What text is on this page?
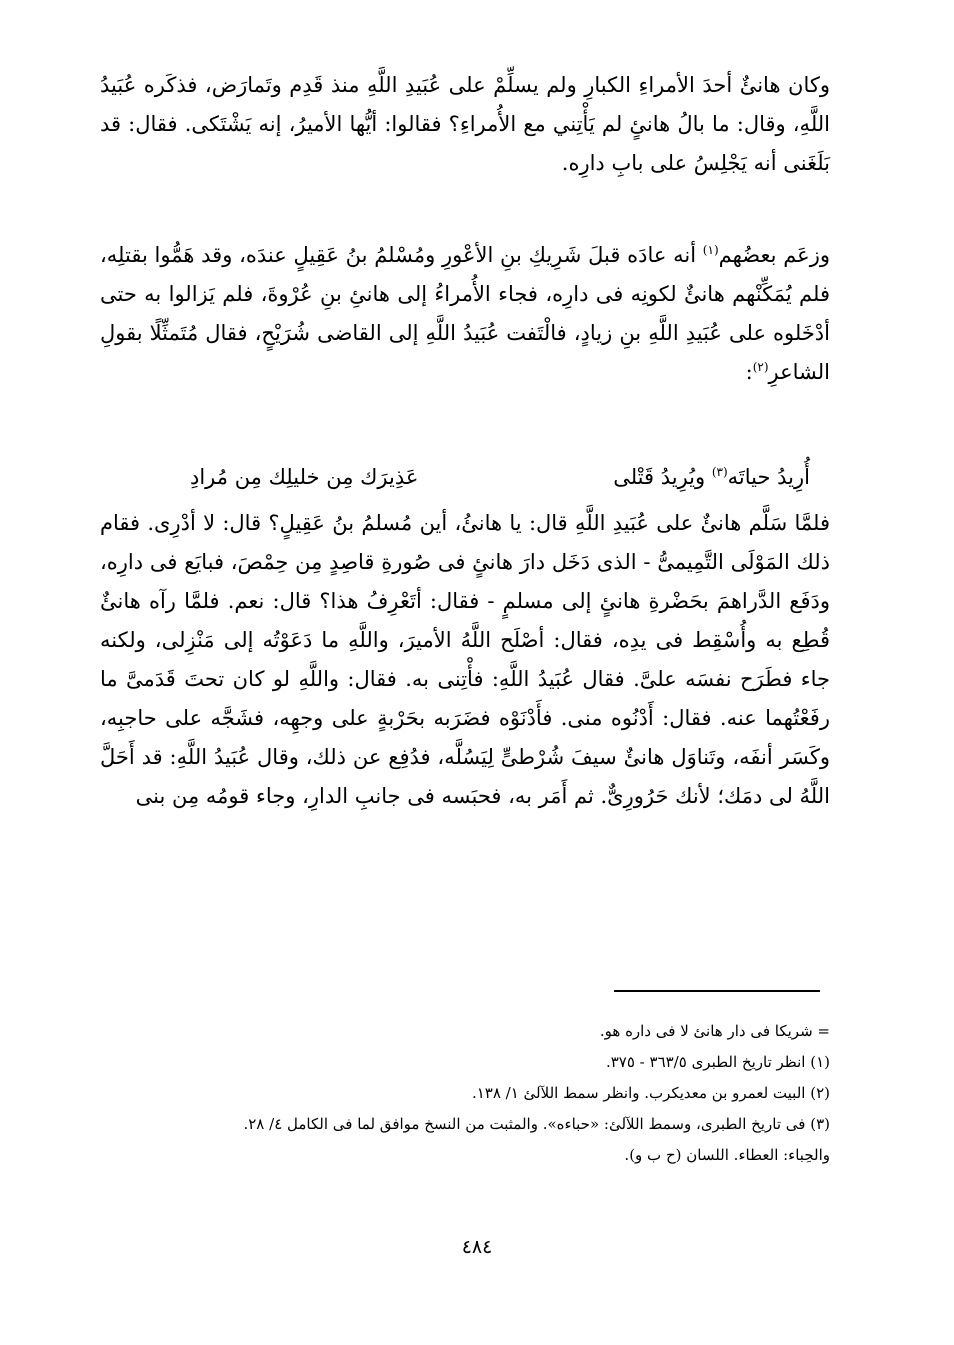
وكان هانئٌ أحدَ الأمراءِ الكبارِ ولم يسلِّمْ على عُبَيدِ اللَّهِ منذ قَدِم وتَمارَض، فذكَره عُبَيدُ اللَّهِ، وقال: ما بالُ هانئٍ لم يَأْتِني مع الأُمراءِ؟ فقالوا: أيُّها الأميرُ، إنه يَشْتَكى. فقال: قد بَلَغَنى أنه يَجْلِسُ على بابِ دارِه.

وزعَم بعضُهم$^{(١)}$ أنه عادَه قبلَ شَرِيكِ بنِ الأعْورِ ومُسْلمُ بنُ عَقِيلٍ عندَه، وقد هَمُّوا بقتلِه، فلم يُمَكِّنْهم هانئٌ لكونِه فى دارِه، فجاء الأُمراءُ إلى هانئِ بنِ عُرْوةَ، فلم يَزالوا به حتى أدْخَلوه على عُبَيدِ اللَّهِ بنِ زيادٍ، فالْتَفت عُبَيدُ اللَّهِ إلى القاضى شُرَيْحٍ، فقال مُتَمثِّلًا بقولِ الشاعرِ$^{(٢)}$:

أُرِيدُ حياتَه$^{(٣)}$ ويُرِيدُ قَتْلى
عَذِيرَك مِن خليلِك مِن مُرادِ

فلمَّا سَلَّم هانئٌ على عُبَيدِ اللَّهِ قال: يا هانئُ، أين مُسلمُ بنُ عَقِيلٍ؟ قال: لا أدْرِى. فقام ذلك المَوْلَى التَّمِيمىُّ - الذى دَخَل دارَ هانئٍ فى صُورةِ قاصِدٍ مِن حِمْصَ، فبايَع فى دارِه، ودَفَع الدَّراهمَ بحَضْرةِ هانئٍ إلى مسلمٍ - فقال: أتَعْرِفُ هذا؟ قال: نعم. فلمَّا رآه هانئٌ قُطِع به وأُسْقِط فى يدِه، فقال: أصْلَح اللَّهُ الأميرَ، واللَّهِ ما دَعَوْتُه إلى مَنْزِلى، ولكنه جاء فطَرَح نفسَه علىَّ. فقال عُبَيدُ اللَّهِ: فأْتِنى به. فقال: واللَّهِ لو كان تحتَ قَدَمىَّ ما رفَعْتُهما عنه. فقال: أَدْنُوه منى. فأَدْنَوْه فضَرَبه بحَرْبةٍ على وجهِه، فشَجَّه على حاجبِه، وكَسَر أنفَه، وتَناوَل هانئٌ سيفَ شُرْطىٍّ لِيَسُلَّه، فدُفِع عن ذلك، وقال عُبَيدُ اللَّهِ: قد أَحَلَّ اللَّهُ لى دمَك؛ لأنك حَرُورِىٌّ. ثم أَمَر به، فحبَسه فى جانبِ الدارِ، وجاء قومُه مِن بنى

= شريكا فى دار هانئ لا فى داره هو.
(١) انظر تاريخ الطبرى ٣٦٣/٥ - ٣٧٥.
(٢) البيت لعمرو بن معديكرب. وانظر سمط اللآلئ ١/ ١٣٨.
(٣) فى تاريخ الطبرى، وسمط اللآلئ: «حباءه». والمثبت من النسخ موافق لما فى الكامل ٤/ ٢٨.
والحِباء: العطاء. اللسان (ح ب و).
٤٨٤
